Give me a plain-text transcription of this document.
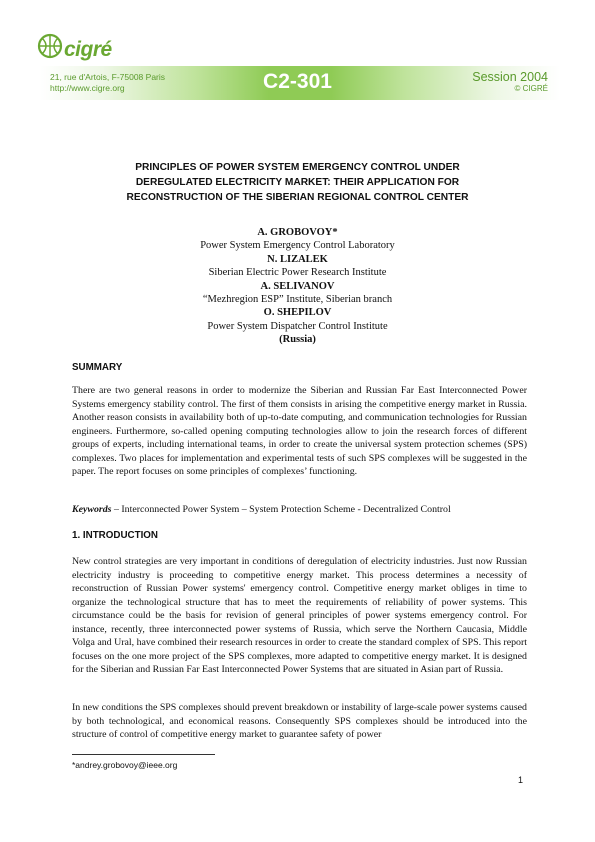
cigré
21, rue d'Artois, F-75008 Paris
http://www.cigre.org	C2-301	Session 2004
© CIGRÉ
PRINCIPLES OF POWER SYSTEM EMERGENCY CONTROL UNDER
DEREGULATED ELECTRICITY MARKET: THEIR APPLICATION FOR
RECONSTRUCTION OF THE SIBERIAN REGIONAL CONTROL CENTER
A. GROBOVOY*
Power System Emergency Control Laboratory
N. LIZALEK
Siberian Electric Power Research Institute
A. SELIVANOV
“Mezhregion ESP” Institute, Siberian branch
O. SHEPILOV
Power System Dispatcher Control Institute
(Russia)
SUMMARY
There are two general reasons in order to modernize the Siberian and Russian Far East Interconnected Power Systems emergency stability control. The first of them consists in arising the competitive energy market in Russia. Another reason consists in availability both of up-to-date computing, and communication technologies for Russian engineers. Furthermore, so-called opening computing technologies allow to join the research forces of different groups of experts, including international teams, in order to create the universal system protection schemes (SPS) complexes. Two places for implementation and experimental tests of such SPS complexes will be suggested in the paper. The report focuses on some principles of complexes’ functioning.
Keywords – Interconnected Power System – System Protection Scheme - Decentralized Control
1. INTRODUCTION
New control strategies are very important in conditions of deregulation of electricity industries. Just now Russian electricity industry is proceeding to competitive energy market. This process determines a necessity of reconstruction of Russian Power systems' emergency control. Competitive energy market obliges in time to organize the technological structure that has to meet the requirements of reliability of power systems. This circumstance could be the basis for revision of general principles of power systems emergency control. For instance, recently, three interconnected power systems of Russia, which serve the Northern Caucasia, Middle Volga and Ural, have combined their research resources in order to create the standard complex of SPS. This report focuses on the one more project of the SPS complexes, more adapted to competitive energy market. It is designed for the Siberian and Russian Far East Interconnected Power Systems that are situated in Asian part of Russia.
In new conditions the SPS complexes should prevent breakdown or instability of large-scale power systems caused by both technological, and economical reasons. Consequently SPS complexes should be introduced into the structure of control of competitive energy market to guarantee safety of power
*andrey.grobovoy@ieee.org
1
